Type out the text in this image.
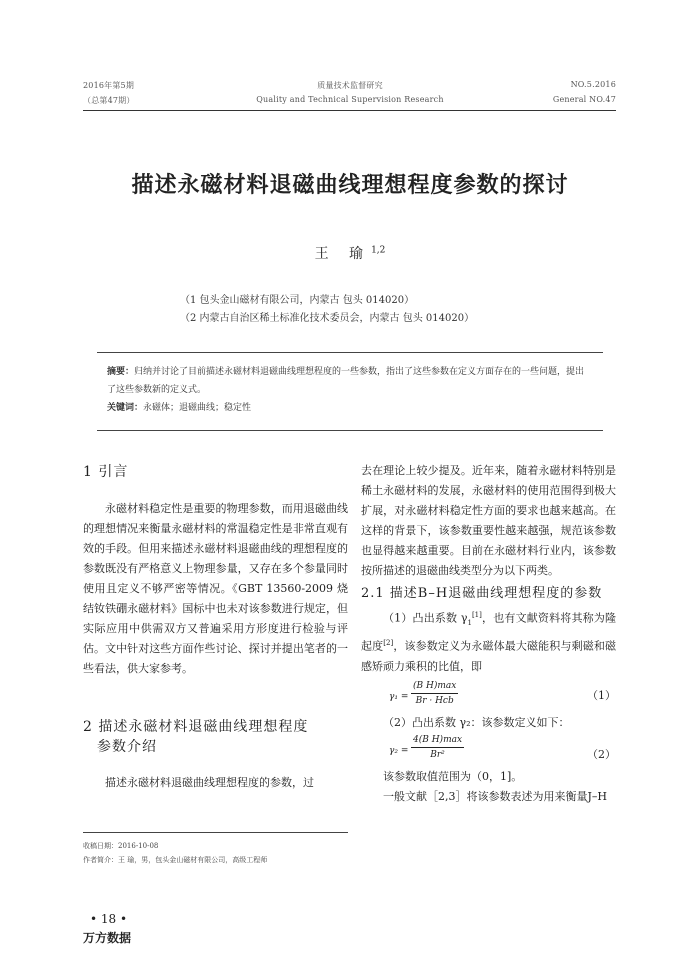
2016年第5期
（总第47期）
质量技术监督研究
Quality and Technical Supervision Research
NO.5.2016
General NO.47
描述永磁材料退磁曲线理想程度参数的探讨
王 瑜$^{1,2}$
（1 包头金山磁材有限公司，内蒙古 包头 014020）
（2 内蒙古自治区稀土标准化技术委员会，内蒙古 包头 014020）
摘要：归纳并讨论了目前描述永磁材料退磁曲线理想程度的一些参数，指出了这些参数在定义方面存在的一些问题，提出了这些参数新的定义式。
关键词：永磁体；退磁曲线；稳定性
1 引言

永磁材料稳定性是重要的物理参数，而用退磁曲线的理想情况来衡量永磁材料的常温稳定性是非常直观有效的手段。但用来描述永磁材料退磁曲线的理想程度的参数既没有严格意义上物理参量，又存在多个参量同时使用且定义不够严密等情况。《GBT 13560-2009 烧结钕铁硼永磁材料》国标中也未对该参数进行规定，但实际应用中供需双方又普遍采用方形度进行检验与评估。文中针对这些方面作些讨论、探讨并提出笔者的一些看法，供大家参考。

2 描述永磁材料退磁曲线理想程度
参数介绍

描述永磁材料退磁曲线理想程度的参数，过

去在理论上较少提及。近年来，随着永磁材料特别是稀土永磁材料的发展，永磁材料的使用范围得到极大扩展，对永磁材料稳定性方面的要求也越来越高。在这样的背景下，该参数重要性越来越强，规范该参数也显得越来越重要。目前在永磁材料行业内，该参数按所描述的退磁曲线类型分为以下两类。

2.1 描述B–H退磁曲线理想程度的参数

（1）凸出系数 $\gamma_1[1]$，也有文献资料将其称为隆起度[2]，该参数定义为永磁体最大磁能积与剩磁和磁感矫顽力乘积的比值，即

γ₁ =
(B H)max
Br · Hcb	（1）

（2）凸出系数 γ₂：该参数定义如下：

γ₂ =
4(B H)max
Br²	（2）

该参数取值范围为（0，1]。

一般文献［2,3］将该参数表述为用来衡量J–H

收稿日期：2016-10-08
作者简介：王 瑜，男，包头金山磁材有限公司，高级工程师
• 18 •
万方数据
